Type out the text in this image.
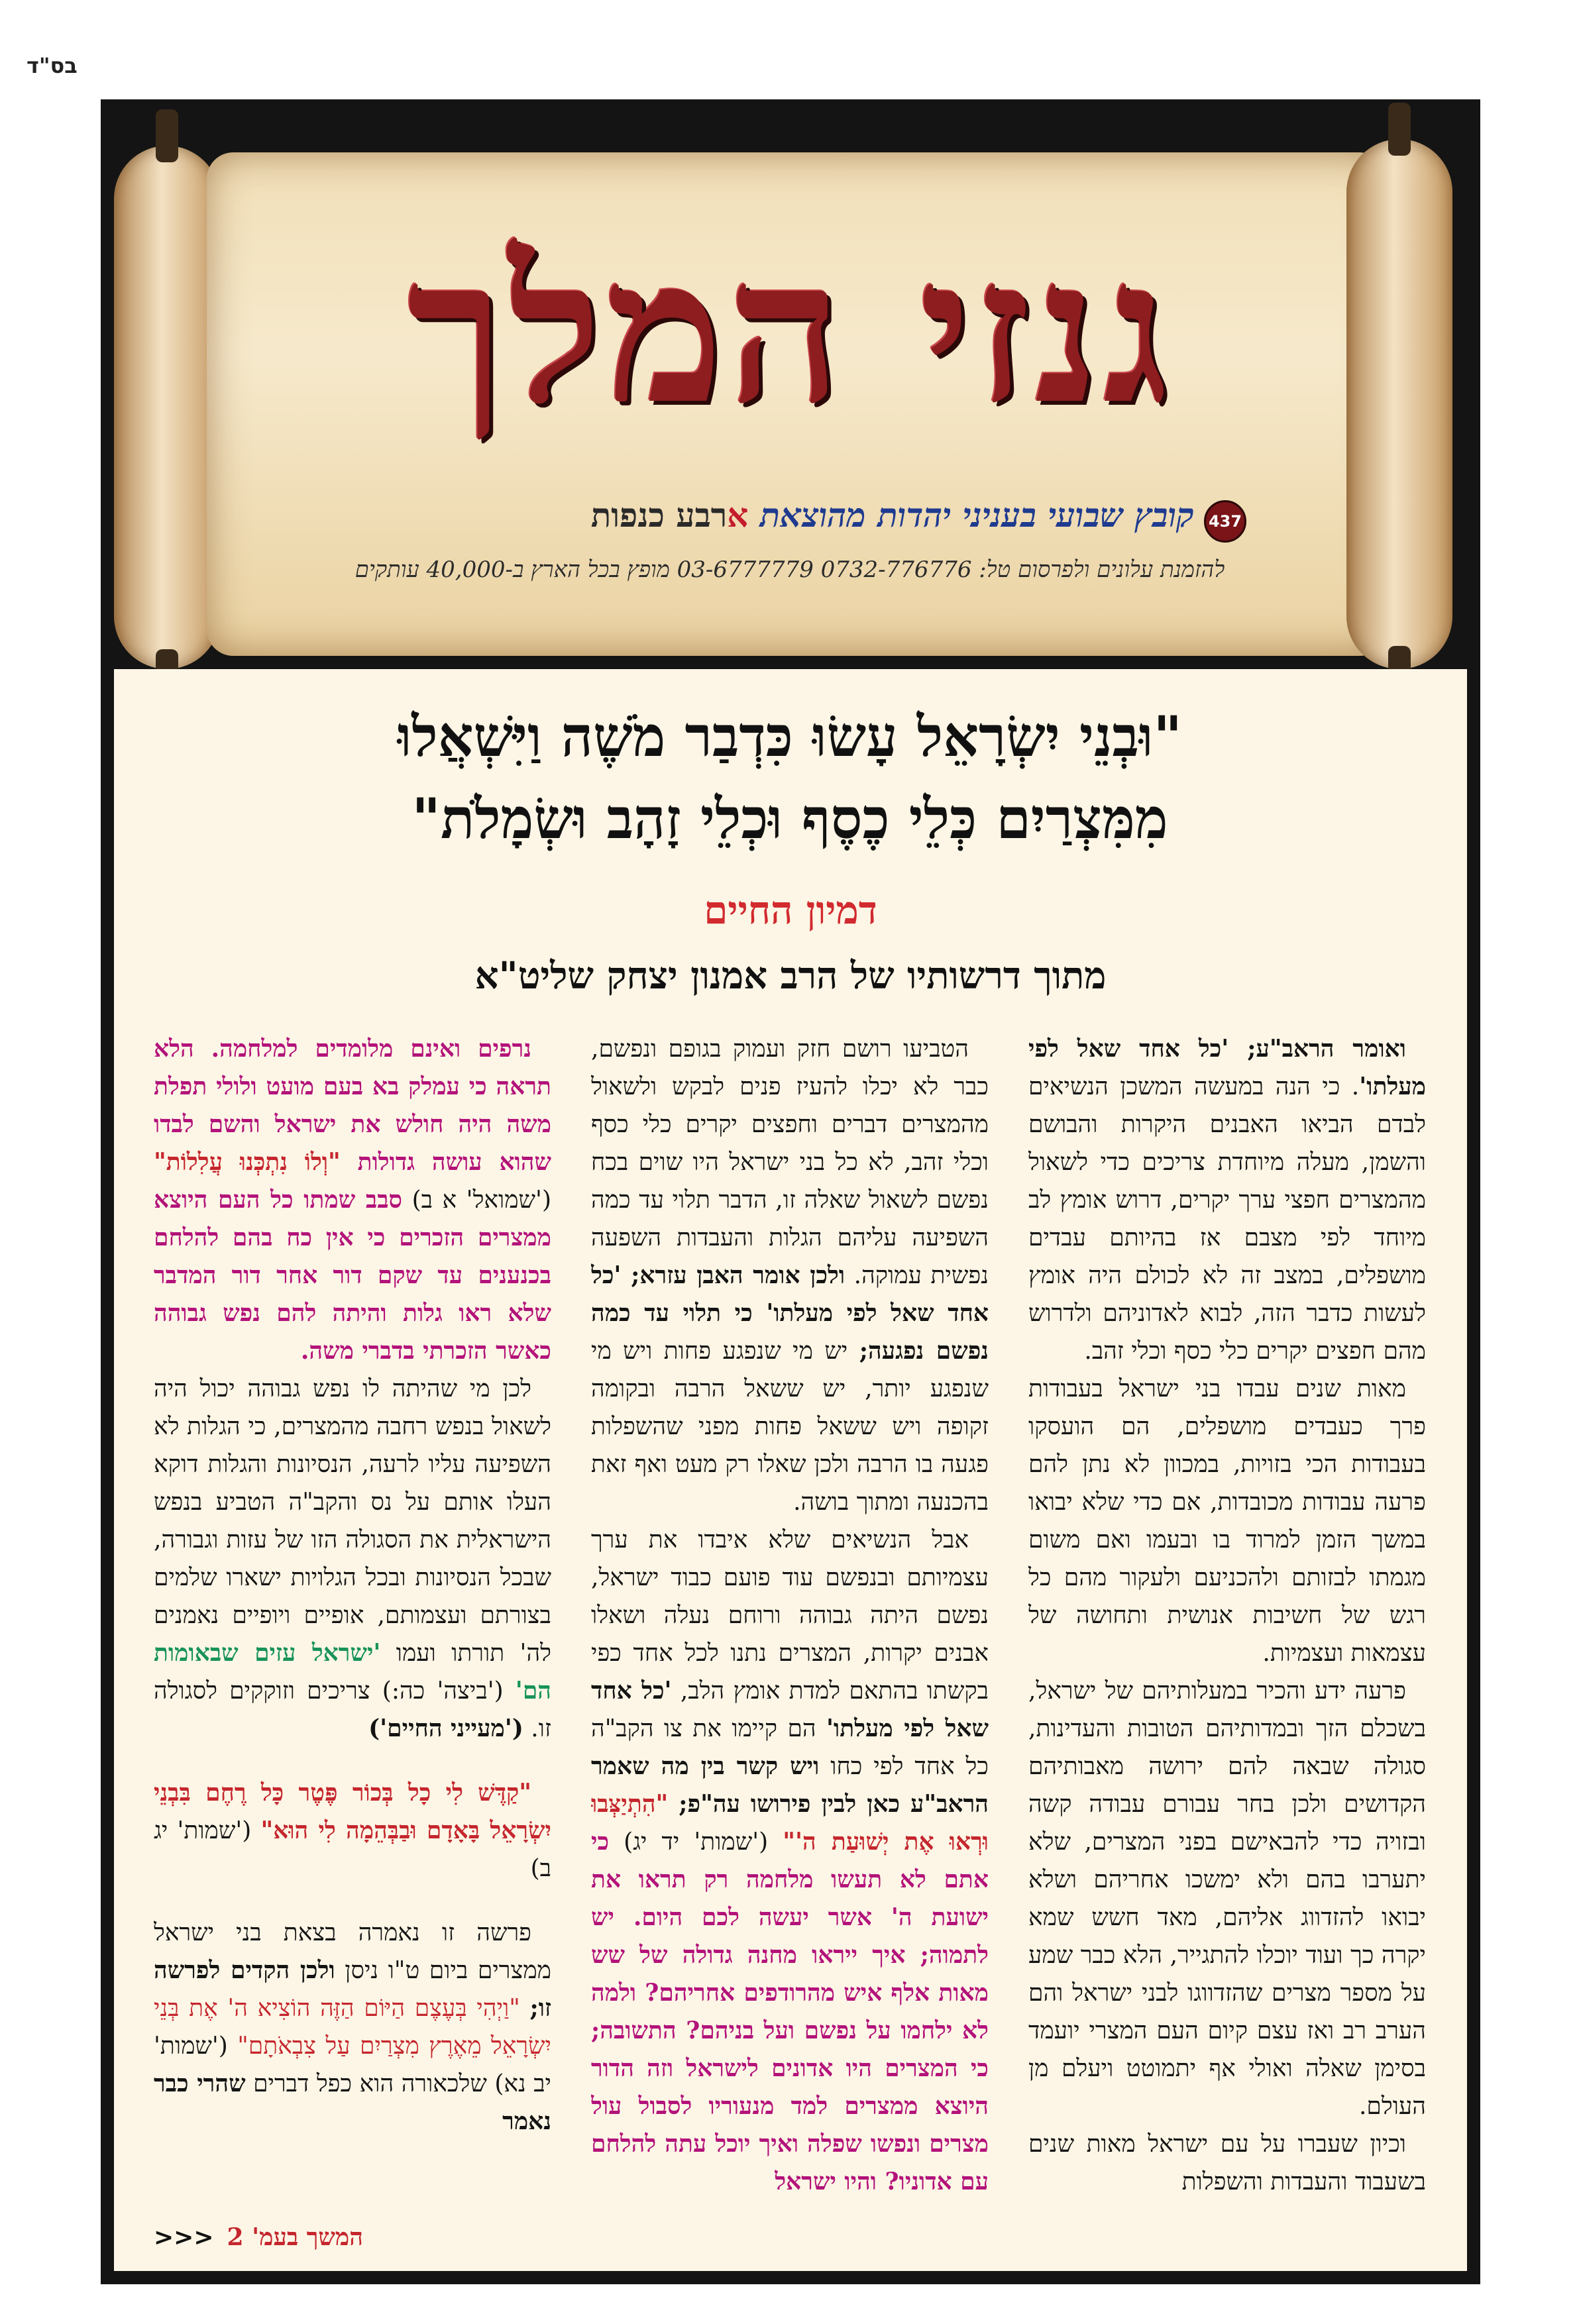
בס"ד
גנזי המלך
437
קובץ שבועי בעניני יהדות מהוצאת ארבע כנפות
להזמנת עלונים ולפרסום טל: 0732-776776 03-6777779 מופץ בכל הארץ ב-40,000 עותקים
"וּבְנֵי יִשְׂרָאֵל עָשׂוּ כִּדְבַר מֹשֶׁה וַיִּשְׁאֲלוּ
מִמִּצְרַיִם כְּלֵי כֶסֶף וּכְלֵי זָהָב וּשְׂמָלֹת"
דמיון החיים
מתוך דרשותיו של הרב אמנון יצחק שליט"א

ואומר הראב"ע; 'כל אחד שאל לפי מעלתו'. כי הנה במעשה המשכן הנשיאים לבדם הביאו האבנים היקרות והבושם והשמן, מעלה מיוחדת צריכים כדי לשאול מהמצרים חפצי ערך יקרים, דרוש אומץ לב מיוחד לפי מצבם אז בהיותם עבדים מושפלים, במצב זה לא לכולם היה אומץ לעשות כדבר הזה, לבוא לאדוניהם ולדרוש מהם חפצים יקרים כלי כסף וכלי זהב.

מאות שנים עבדו בני ישראל בעבודות פרך כעבדים מושפלים, הם הועסקו בעבודות הכי בזויות, במכוון לא נתן להם פרעה עבודות מכובדות, אם כדי שלא יבואו במשך הזמן למרוד בו ובעמו ואם משום מגמתו לבזותם ולהכניעם ולעקור מהם כל רגש של חשיבות אנושית ותחושה של עצמאות ועצמיות.

פרעה ידע והכיר במעלותיהם של ישראל, בשכלם הזך ובמדותיהם הטובות והעדינות, סגולה שבאה להם ירושה מאבותיהם הקדושים ולכן בחר עבורם עבודה קשה ובזויה כדי להבאישם בפני המצרים, שלא יתערבו בהם ולא ימשכו אחריהם ושלא יבואו להזדווג אליהם, מאד חשש שמא יקרה כך ועוד יוכלו להתגייר, הלא כבר שמע על מספר מצרים שהזדווגו לבני ישראל והם הערב רב ואז עצם קיום העם המצרי יועמד בסימן שאלה ואולי אף יתמוטט ויעלם מן העולם.

וכיון שעברו על עם ישראל מאות שנים בשעבוד והעבדות והשפלות

הטביעו רושם חזק ועמוק בגופם ונפשם, כבר לא יכלו להעיז פנים לבקש ולשאול מהמצרים דברים וחפצים יקרים כלי כסף וכלי זהב, לא כל בני ישראל היו שוים בכח נפשם לשאול שאלה זו, הדבר תלוי עד כמה השפיעה עליהם הגלות והעבדות השפעה נפשית עמוקה. ולכן אומר האבן עזרא; 'כל אחד שאל לפי מעלתו' כי תלוי עד כמה נפשם נפגעה; יש מי שנפגע פחות ויש מי שנפגע יותר, יש ששאל הרבה ובקומה זקופה ויש ששאל פחות מפני שהשפלות פגעה בו הרבה ולכן שאלו רק מעט ואף זאת בהכנעה ומתוך בושה.

אבל הנשיאים שלא איבדו את ערך עצמיותם ובנפשם עוד פועם כבוד ישראל, נפשם היתה גבוהה ורוחם נעלה ושאלו אבנים יקרות, המצרים נתנו לכל אחד כפי בקשתו בהתאם למדת אומץ הלב, 'כל אחד שאל לפי מעלתו' הם קיימו את צו הקב"ה כל אחד לפי כחו ויש קשר בין מה שאמר הראב"ע כאן לבין פירושו עה"פ; "הִתְיַצְּבוּ וּרְאוּ אֶת יְשׁוּעַת ה'" ('שמות' יד יג) כי אתם לא תעשו מלחמה רק תראו את ישועת ה' אשר יעשה לכם היום. יש לתמוה; איך ייראו מחנה גדולה של שש מאות אלף איש מהרודפים אחריהם? ולמה לא ילחמו על נפשם ועל בניהם? התשובה; כי המצרים היו אדונים לישראל וזה הדור היוצא ממצרים למד מנעוריו לסבול עול מצרים ונפשו שפלה ואיך יוכל עתה להלחם עם אדוניו? והיו ישראל

נרפים ואינם מלומדים למלחמה. הלא תראה כי עמלק בא בעם מועט ולולי תפלת משה היה חולש את ישראל והשם לבדו שהוא עושה גדולות "וְלוֹ נִתְכְּנוּ עֲלִלוֹת" ('שמואל' א ב) סבב שמתו כל העם היוצא ממצרים הזכרים כי אין כח בהם להלחם בכנענים עד שקם דור אחר דור המדבר שלא ראו גלות והיתה להם נפש גבוהה כאשר הזכרתי בדברי משה.

לכן מי שהיתה לו נפש גבוהה יכול היה לשאול בנפש רחבה מהמצרים, כי הגלות לא השפיעה עליו לרעה, הנסיונות והגלות דוקא העלו אותם על נס והקב"ה הטביע בנפש הישראלית את הסגולה הזו של עזות וגבורה, שבכל הנסיונות ובכל הגלויות ישארו שלמים בצורתם ועצמותם, אופיים ויופיים נאמנים לה' תורתו ועמו 'ישראל עזים שבאומות הם' ('ביצה' כה:) צריכים וזוקקים לסגולה זו. ('מעייני החיים')

"קַדֶּשׁ לִי כָל בְּכוֹר פֶּטֶר כָּל רֶחֶם בִּבְנֵי יִשְׂרָאֵל בָּאָדָם וּבַבְּהֵמָה לִי הוּא" ('שמות' יג ב)

פרשה זו נאמרה בצאת בני ישראל ממצרים ביום ט"ו ניסן ולכן הקדים לפרשה זו; "וַיְהִי בְּעֶצֶם הַיּוֹם הַזֶּה הוֹצִיא ה' אֶת בְּנֵי יִשְׂרָאֵל מֵאֶרֶץ מִצְרַיִם עַל צִבְאֹתָם" ('שמות' יב נא) שלכאורה הוא כפל דברים שהרי כבר נאמר

המשך בעמ' 2<<<
